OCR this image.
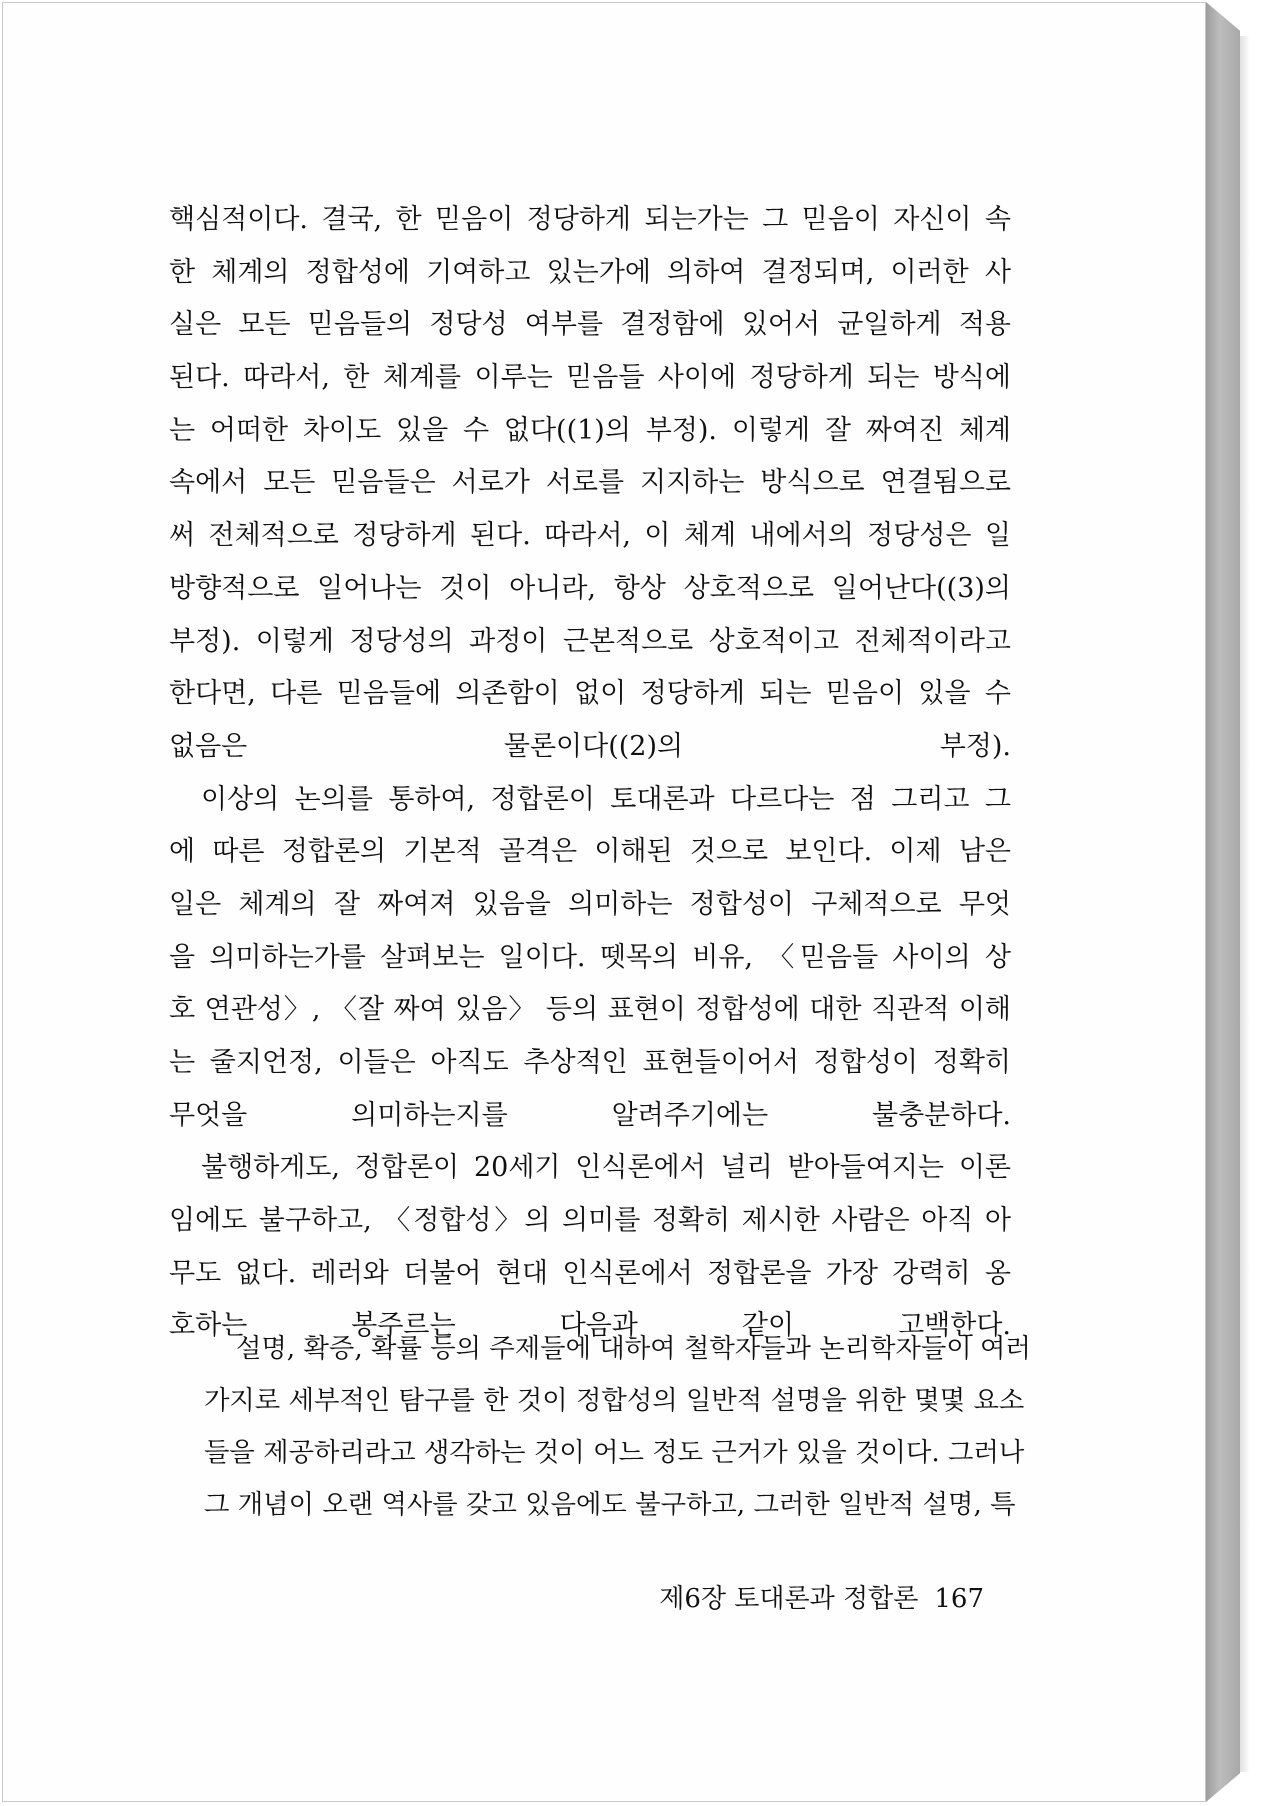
핵심적이다. 결국, 한 믿음이 정당하게 되는가는 그 믿음이 자신이 속
한 체계의 정합성에 기여하고 있는가에 의하여 결정되며, 이러한 사
실은 모든 믿음들의 정당성 여부를 결정함에 있어서 균일하게 적용
된다. 따라서, 한 체계를 이루는 믿음들 사이에 정당하게 되는 방식에
는 어떠한 차이도 있을 수 없다((1)의 부정). 이렇게 잘 짜여진 체계
속에서 모든 믿음들은 서로가 서로를 지지하는 방식으로 연결됨으로
써 전체적으로 정당하게 된다. 따라서, 이 체계 내에서의 정당성은 일
방향적으로 일어나는 것이 아니라, 항상 상호적으로 일어난다((3)의
부정). 이렇게 정당성의 과정이 근본적으로 상호적이고 전체적이라고
한다면, 다른 믿음들에 의존함이 없이 정당하게 되는 믿음이 있을 수
없음은 물론이다((2)의 부정).
이상의 논의를 통하여, 정합론이 토대론과 다르다는 점 그리고 그
에 따른 정합론의 기본적 골격은 이해된 것으로 보인다. 이제 남은
일은 체계의 잘 짜여져 있음을 의미하는 정합성이 구체적으로 무엇
을 의미하는가를 살펴보는 일이다. 뗏목의 비유, 〈믿음들 사이의 상
호 연관성〉, 〈잘 짜여 있음〉 등의 표현이 정합성에 대한 직관적 이해
는 줄지언정, 이들은 아직도 추상적인 표현들이어서 정합성이 정확히
무엇을 의미하는지를 알려주기에는 불충분하다.
불행하게도, 정합론이 20세기 인식론에서 널리 받아들여지는 이론
임에도 불구하고, 〈정합성〉의 의미를 정확히 제시한 사람은 아직 아
무도 없다. 레러와 더불어 현대 인식론에서 정합론을 가장 강력히 옹
호하는 봉주르는 다음과 같이 고백한다.
설명, 확증, 확률 등의 주제들에 대하여 철학자들과 논리학자들이 여러
가지로 세부적인 탐구를 한 것이 정합성의 일반적 설명을 위한 몇몇 요소
들을 제공하리라고 생각하는 것이 어느 정도 근거가 있을 것이다. 그러나
그 개념이 오랜 역사를 갖고 있음에도 불구하고, 그러한 일반적 설명, 특
제6장 토대론과 정합론 167
